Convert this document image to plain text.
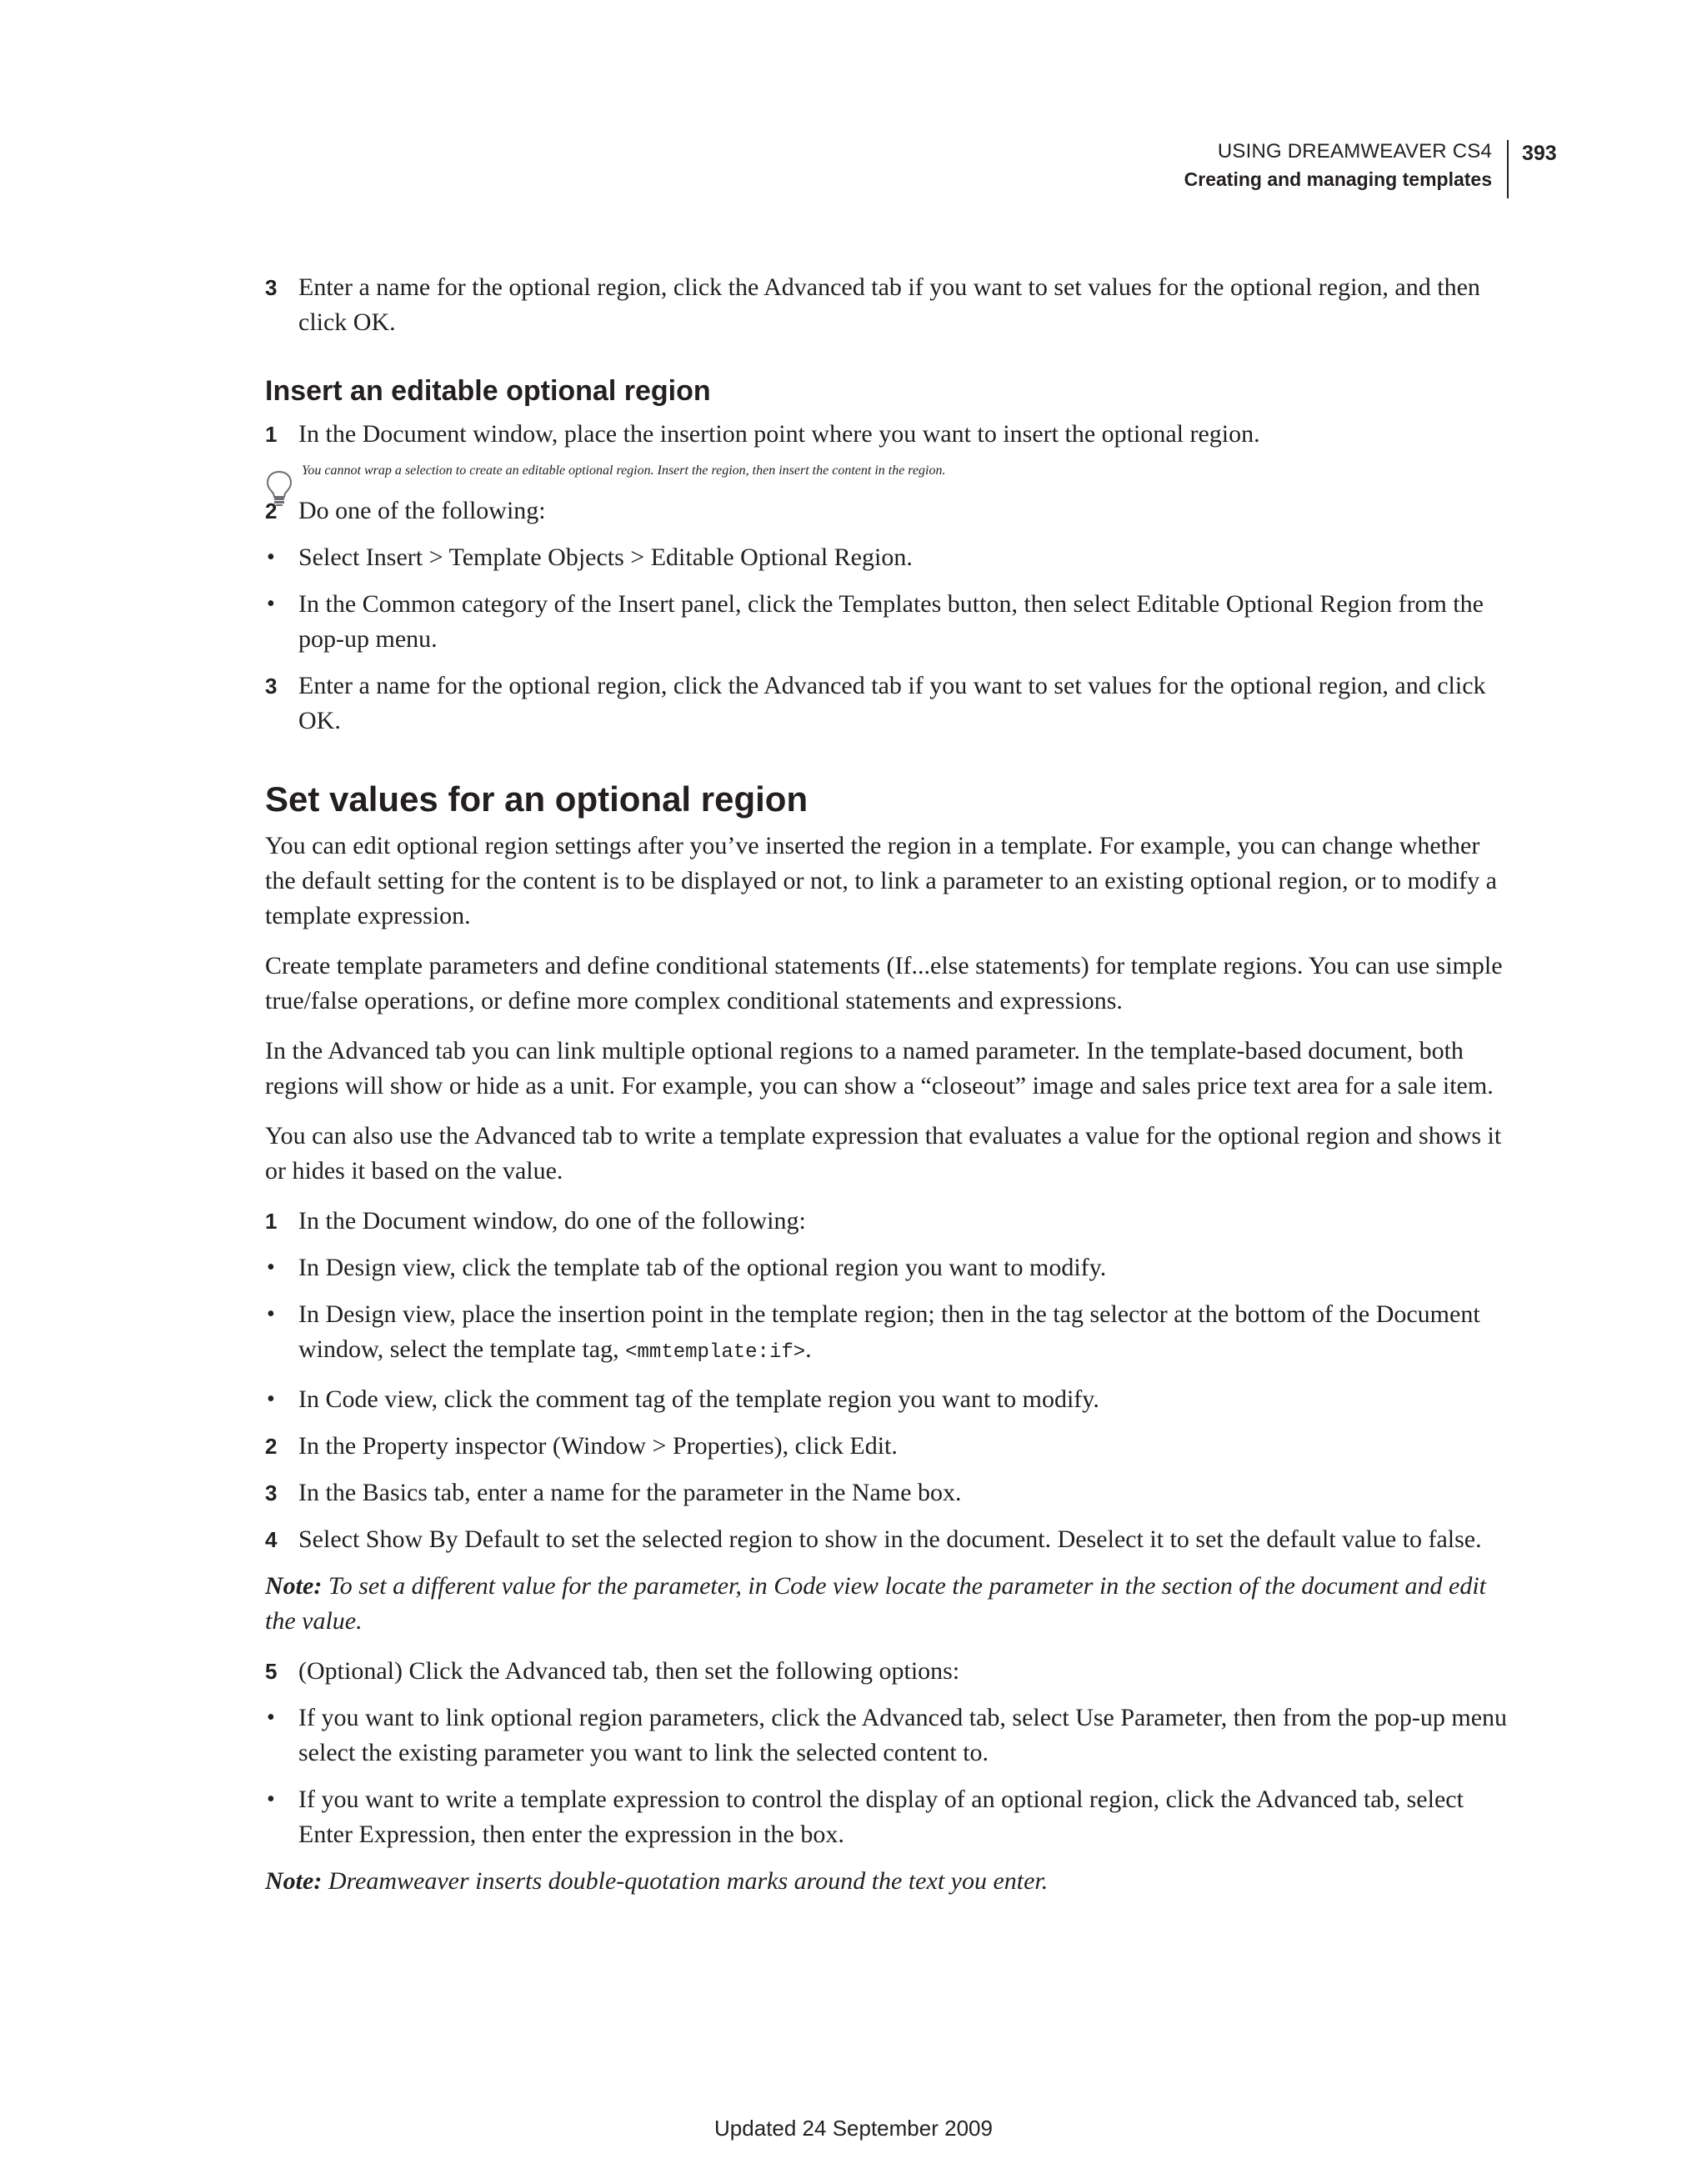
USING DREAMWEAVER CS4
Creating and managing templates
393
3 Enter a name for the optional region, click the Advanced tab if you want to set values for the optional region, and then click OK.
Insert an editable optional region
1 In the Document window, place the insertion point where you want to insert the optional region.
You cannot wrap a selection to create an editable optional region. Insert the region, then insert the content in the region.
2 Do one of the following:
• Select Insert > Template Objects > Editable Optional Region.
• In the Common category of the Insert panel, click the Templates button, then select Editable Optional Region from the pop-up menu.
3 Enter a name for the optional region, click the Advanced tab if you want to set values for the optional region, and click OK.
Set values for an optional region

You can edit optional region settings after you’ve inserted the region in a template. For example, you can change whether the default setting for the content is to be displayed or not, to link a parameter to an existing optional region, or to modify a template expression.

Create template parameters and define conditional statements (If...else statements) for template regions. You can use simple true/false operations, or define more complex conditional statements and expressions.

In the Advanced tab you can link multiple optional regions to a named parameter. In the template-based document, both regions will show or hide as a unit. For example, you can show a “closeout” image and sales price text area for a sale item.

You can also use the Advanced tab to write a template expression that evaluates a value for the optional region and shows it or hides it based on the value.

1 In the Document window, do one of the following:
• In Design view, click the template tab of the optional region you want to modify.
• In Design view, place the insertion point in the template region; then in the tag selector at the bottom of the Document window, select the template tag, <mmtemplate:if>.
• In Code view, click the comment tag of the template region you want to modify.
2 In the Property inspector (Window > Properties), click Edit.
3 In the Basics tab, enter a name for the parameter in the Name box.
4 Select Show By Default to set the selected region to show in the document. Deselect it to set the default value to false.

Note: To set a different value for the parameter, in Code view locate the parameter in the section of the document and edit the value.

5 (Optional) Click the Advanced tab, then set the following options:
• If you want to link optional region parameters, click the Advanced tab, select Use Parameter, then from the pop-up menu select the existing parameter you want to link the selected content to.
• If you want to write a template expression to control the display of an optional region, click the Advanced tab, select Enter Expression, then enter the expression in the box.

Note: Dreamweaver inserts double-quotation marks around the text you enter.

Updated 24 September 2009
